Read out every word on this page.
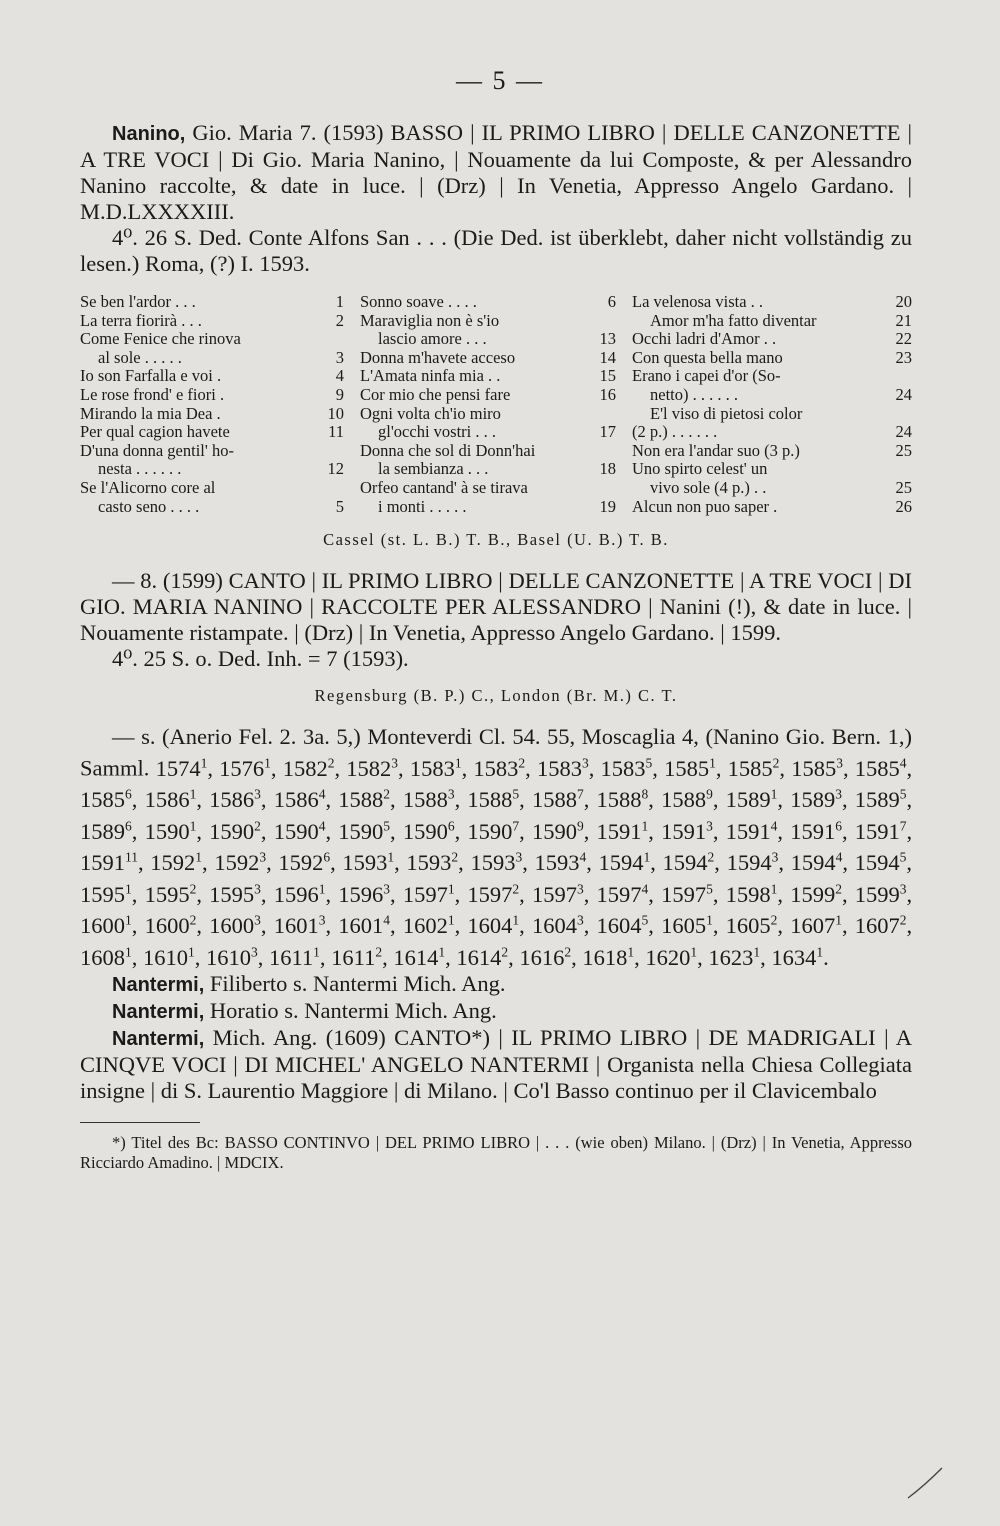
— 5 —

Nanino, Gio. Maria 7. (1593) BASSO | IL PRIMO LIBRO | DELLE CANZONETTE | A TRE VOCI | Di Gio. Maria Nanino, | Nouamente da lui Composte, & per Alessandro Nanino raccolte, & date in luce. | (Drz) | In Venetia, Appresso Angelo Gardano. | M.D.LXXXXIII.

4⁰. 26 S. Ded. Conte Alfons San . . . (Die Ded. ist überklebt, daher nicht vollständig zu lesen.) Roma, (?) I. 1593.

Se ben l'ardor . . .	1
La terra fiorirà . . .	2
Come Fenice che rinova
al sole . . . . .	3
Io son Farfalla e voi .	4
Le rose frond' e fiori .	9
Mirando la mia Dea .	10
Per qual cagion havete	11
D'una donna gentil' ho-
nesta . . . . . .	12
Se l'Alicorno core al
casto seno . . . .	5
Sonno soave . . . .	6
Maraviglia non è s'io
lascio amore . . .	13
Donna m'havete acceso	14
L'Amata ninfa mia . .	15
Cor mio che pensi fare	16
Ogni volta ch'io miro
gl'occhi vostri . . .	17
Donna che sol di Donn'hai
la sembianza . . .	18
Orfeo cantand' à se tirava
i monti . . . . .	19
La velenosa vista . .	20
Amor m'ha fatto diventar	21
Occhi ladri d'Amor . .	22
Con questa bella mano	23
Erano i capei d'or (So-
netto) . . . . . .	24
E'l viso di pietosi color
(2 p.) . . . . . .	24
Non era l'andar suo (3 p.)	25
Uno spirto celest' un
vivo sole (4 p.) . .	25
Alcun non puo saper .	26
Cassel (st. L. B.) T. B., Basel (U. B.) T. B.

— 8. (1599) CANTO | IL PRIMO LIBRO | DELLE CANZONETTE | A TRE VOCI | DI GIO. MARIA NANINO | RACCOLTE PER ALESSANDRO | Nanini (!), & date in luce. | Nouamente ristampate. | (Drz) | In Venetia, Appresso Angelo Gardano. | 1599.

4⁰. 25 S. o. Ded. Inh. = 7 (1593).

Regensburg (B. P.) C., London (Br. M.) C. T.

— s. (Anerio Fel. 2. 3a. 5,) Monteverdi Cl. 54. 55, Moscaglia 4, (Nanino Gio. Bern. 1,) Samml. 1574$^1$, 1576$^1$, 1582$^2$, 1582$^3$, 1583$^1$, 1583$^2$, 1583$^3$, 1583$^5$, 1585$^1$, 1585$^2$, 1585$^3$, 1585$^4$, 1585$^6$, 1586$^1$, 1586$^3$, 1586$^4$, 1588$^2$, 1588$^3$, 1588$^5$, 1588$^7$, 1588$^8$, 1588$^9$, 1589$^1$, 1589$^3$, 1589$^5$, 1589$^6$, 1590$^1$, 1590$^2$, 1590$^4$, 1590$^5$, 1590$^6$, 1590$^7$, 1590$^9$, 1591$^1$, 1591$^3$, 1591$^4$, 1591$^6$, 1591$^7$, 1591$^{11}$, 1592$^1$, 1592$^3$, 1592$^6$, 1593$^1$, 1593$^2$, 1593$^3$, 1593$^4$, 1594$^1$, 1594$^2$, 1594$^3$, 1594$^4$, 1594$^5$, 1595$^1$, 1595$^2$, 1595$^3$, 1596$^1$, 1596$^3$, 1597$^1$, 1597$^2$, 1597$^3$, 1597$^4$, 1597$^5$, 1598$^1$, 1599$^2$, 1599$^3$, 1600$^1$, 1600$^2$, 1600$^3$, 1601$^3$, 1601$^4$, 1602$^1$, 1604$^1$, 1604$^3$, 1604$^5$, 1605$^1$, 1605$^2$, 1607$^1$, 1607$^2$, 1608$^1$, 1610$^1$, 1610$^3$, 1611$^1$, 1611$^2$, 1614$^1$, 1614$^2$, 1616$^2$, 1618$^1$, 1620$^1$, 1623$^1$, 1634$^1$.

Nantermi, Filiberto s. Nantermi Mich. Ang.

Nantermi, Horatio s. Nantermi Mich. Ang.

Nantermi, Mich. Ang. (1609) CANTO*) | IL PRIMO LIBRO | DE MADRIGALI | A CINQVE VOCI | DI MICHEL' ANGELO NANTERMI | Organista nella Chiesa Collegiata insigne | di S. Laurentio Maggiore | di Milano. | Co'l Basso continuo per il Clavicembalo

*) Titel des Bc: BASSO CONTINVO | DEL PRIMO LIBRO | . . . (wie oben) Milano. | (Drz) | In Venetia, Appresso Ricciardo Amadino. | MDCIX.
